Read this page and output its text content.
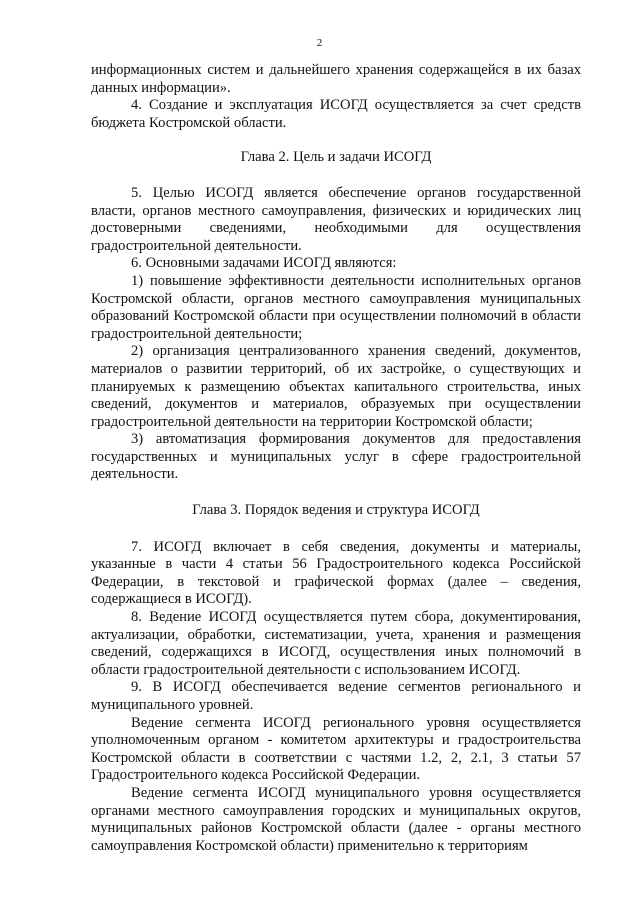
2

информационных систем и дальнейшего хранения содержащейся в их базах данных информации».

4. Создание и эксплуатация ИСОГД осуществляется за счет средств бюджета Костромской области.

Глава 2. Цель и задачи ИСОГД

5. Целью ИСОГД является обеспечение органов государственной власти, органов местного самоуправления, физических и юридических лиц достоверными сведениями, необходимыми для осуществления градостроительной деятельности.

6. Основными задачами ИСОГД являются:

1) повышение эффективности деятельности исполнительных органов Костромской области, органов местного самоуправления муниципальных образований Костромской области при осуществлении полномочий в области градостроительной деятельности;

2) организация централизованного хранения сведений, документов, материалов о развитии территорий, об их застройке, о существующих и планируемых к размещению объектах капитального строительства, иных сведений, документов и материалов, образуемых при осуществлении градостроительной деятельности на территории Костромской области;

3) автоматизация формирования документов для предоставления государственных и муниципальных услуг в сфере градостроительной деятельности.

Глава 3. Порядок ведения и структура ИСОГД

7. ИСОГД включает в себя сведения, документы и материалы, указанные в части 4 статьи 56 Градостроительного кодекса Российской Федерации, в текстовой и графической формах (далее – сведения, содержащиеся в ИСОГД).

8. Ведение ИСОГД осуществляется путем сбора, документирования, актуализации, обработки, систематизации, учета, хранения и размещения сведений, содержащихся в ИСОГД, осуществления иных полномочий в области градостроительной деятельности с использованием ИСОГД.

9. В ИСОГД обеспечивается ведение сегментов регионального и муниципального уровней.

Ведение сегмента ИСОГД регионального уровня осуществляется уполномоченным органом - комитетом архитектуры и градостроительства Костромской области в соответствии с частями 1.2, 2, 2.1, 3 статьи 57 Градостроительного кодекса Российской Федерации.

Ведение сегмента ИСОГД муниципального уровня осуществляется органами местного самоуправления городских и муниципальных округов, муниципальных районов Костромской области (далее - органы местного самоуправления Костромской области) применительно к территориям
